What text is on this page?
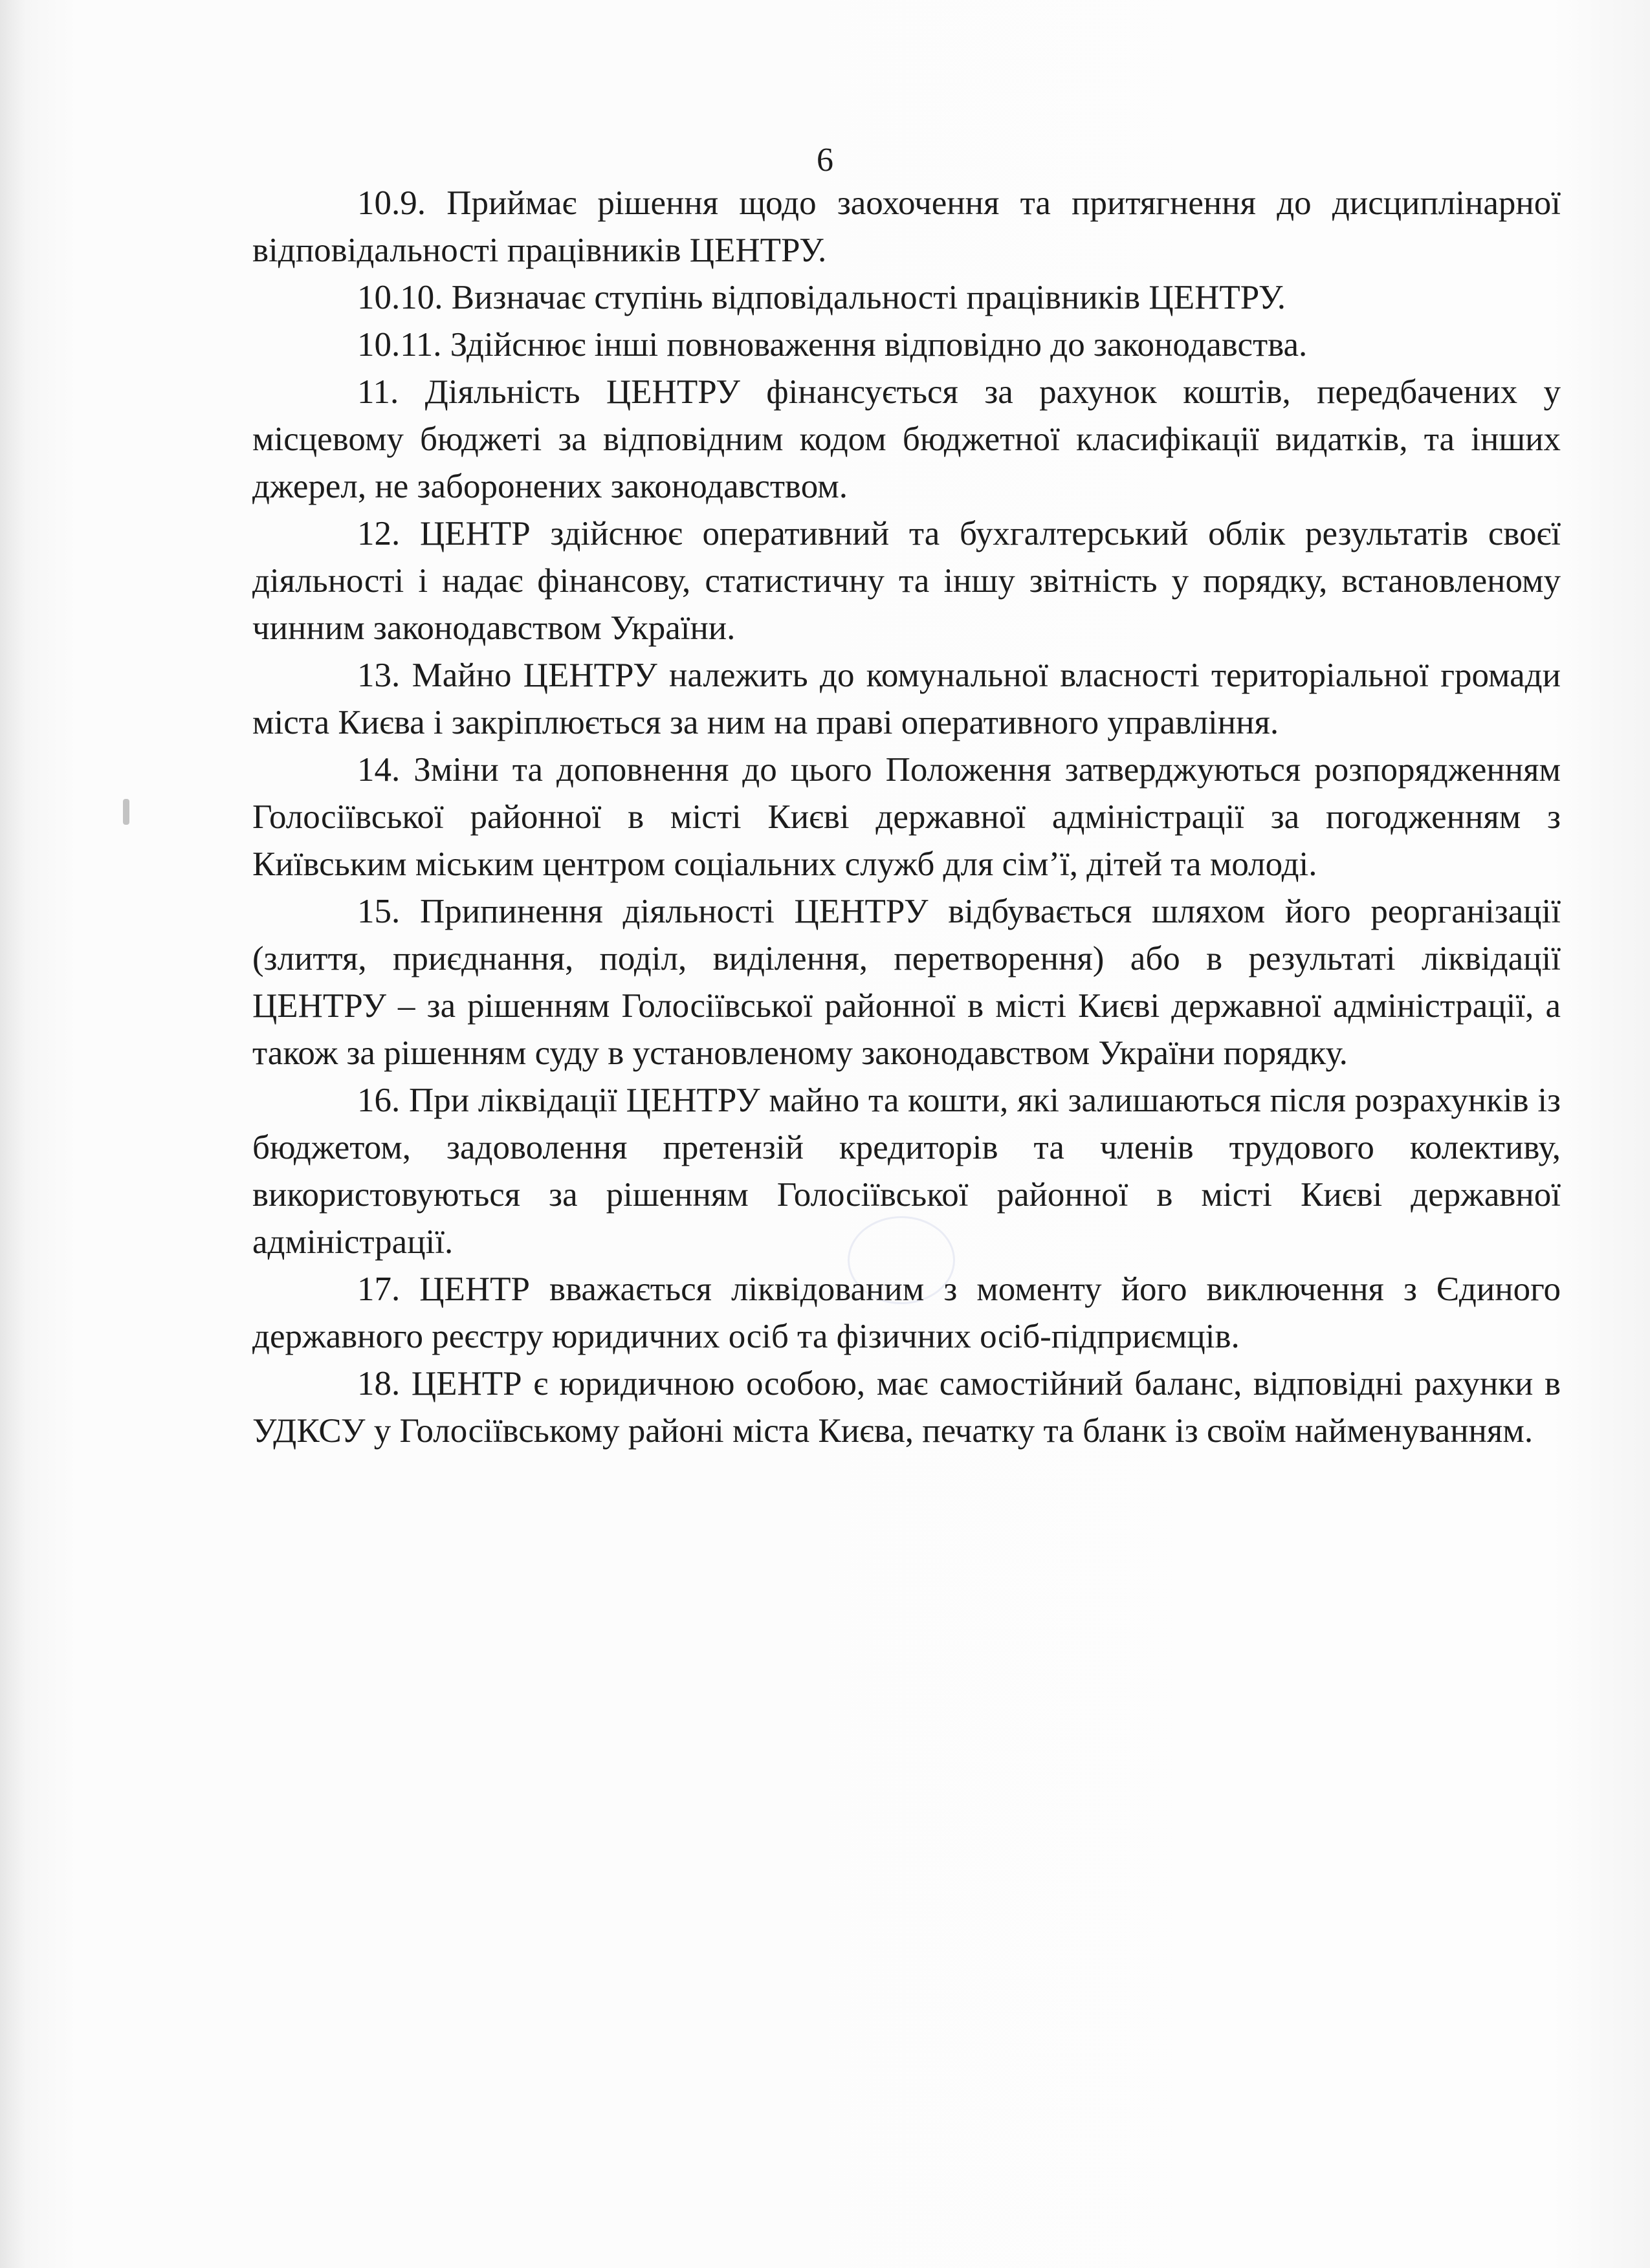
6

10.9. Приймає рішення щодо заохочення та притягнення до дисциплінарної відповідальності працівників ЦЕНТРУ.

10.10. Визначає ступінь відповідальності працівників ЦЕНТРУ.

10.11. Здійснює інші повноваження відповідно до законодавства.

11. Діяльність ЦЕНТРУ фінансується за рахунок коштів, передбачених у місцевому бюджеті за відповідним кодом бюджетної класифікації видатків, та інших джерел, не заборонених законодавством.

12. ЦЕНТР здійснює оперативний та бухгалтерський облік результатів своєї діяльності і надає фінансову, статистичну та іншу звітність у порядку, встановленому чинним законодавством України.

13. Майно ЦЕНТРУ належить до комунальної власності територіальної громади міста Києва і закріплюється за ним на праві оперативного управління.

14. Зміни та доповнення до цього Положення затверджуються розпорядженням Голосіївської районної в місті Києві державної адміністрації за погодженням з Київським міським центром соціальних служб для сім’ї, дітей та молоді.

15. Припинення діяльності ЦЕНТРУ відбувається шляхом його реорганізації (злиття, приєднання, поділ, виділення, перетворення) або в результаті ліквідації ЦЕНТРУ – за рішенням Голосіївської районної в місті Києві державної адміністрації, а також за рішенням суду в установленому законодавством України порядку.

16. При ліквідації ЦЕНТРУ майно та кошти, які залишаються після розрахунків із бюджетом, задоволення претензій кредиторів та членів трудового колективу, використовуються за рішенням Голосіївської районної в місті Києві державної адміністрації.

17. ЦЕНТР вважається ліквідованим з моменту його виключення з Єдиного державного реєстру юридичних осіб та фізичних осіб-підприємців.

18. ЦЕНТР є юридичною особою, має самостійний баланс, відповідні рахунки в УДКСУ у Голосіївському районі міста Києва, печатку та бланк із своїм найменуванням.
